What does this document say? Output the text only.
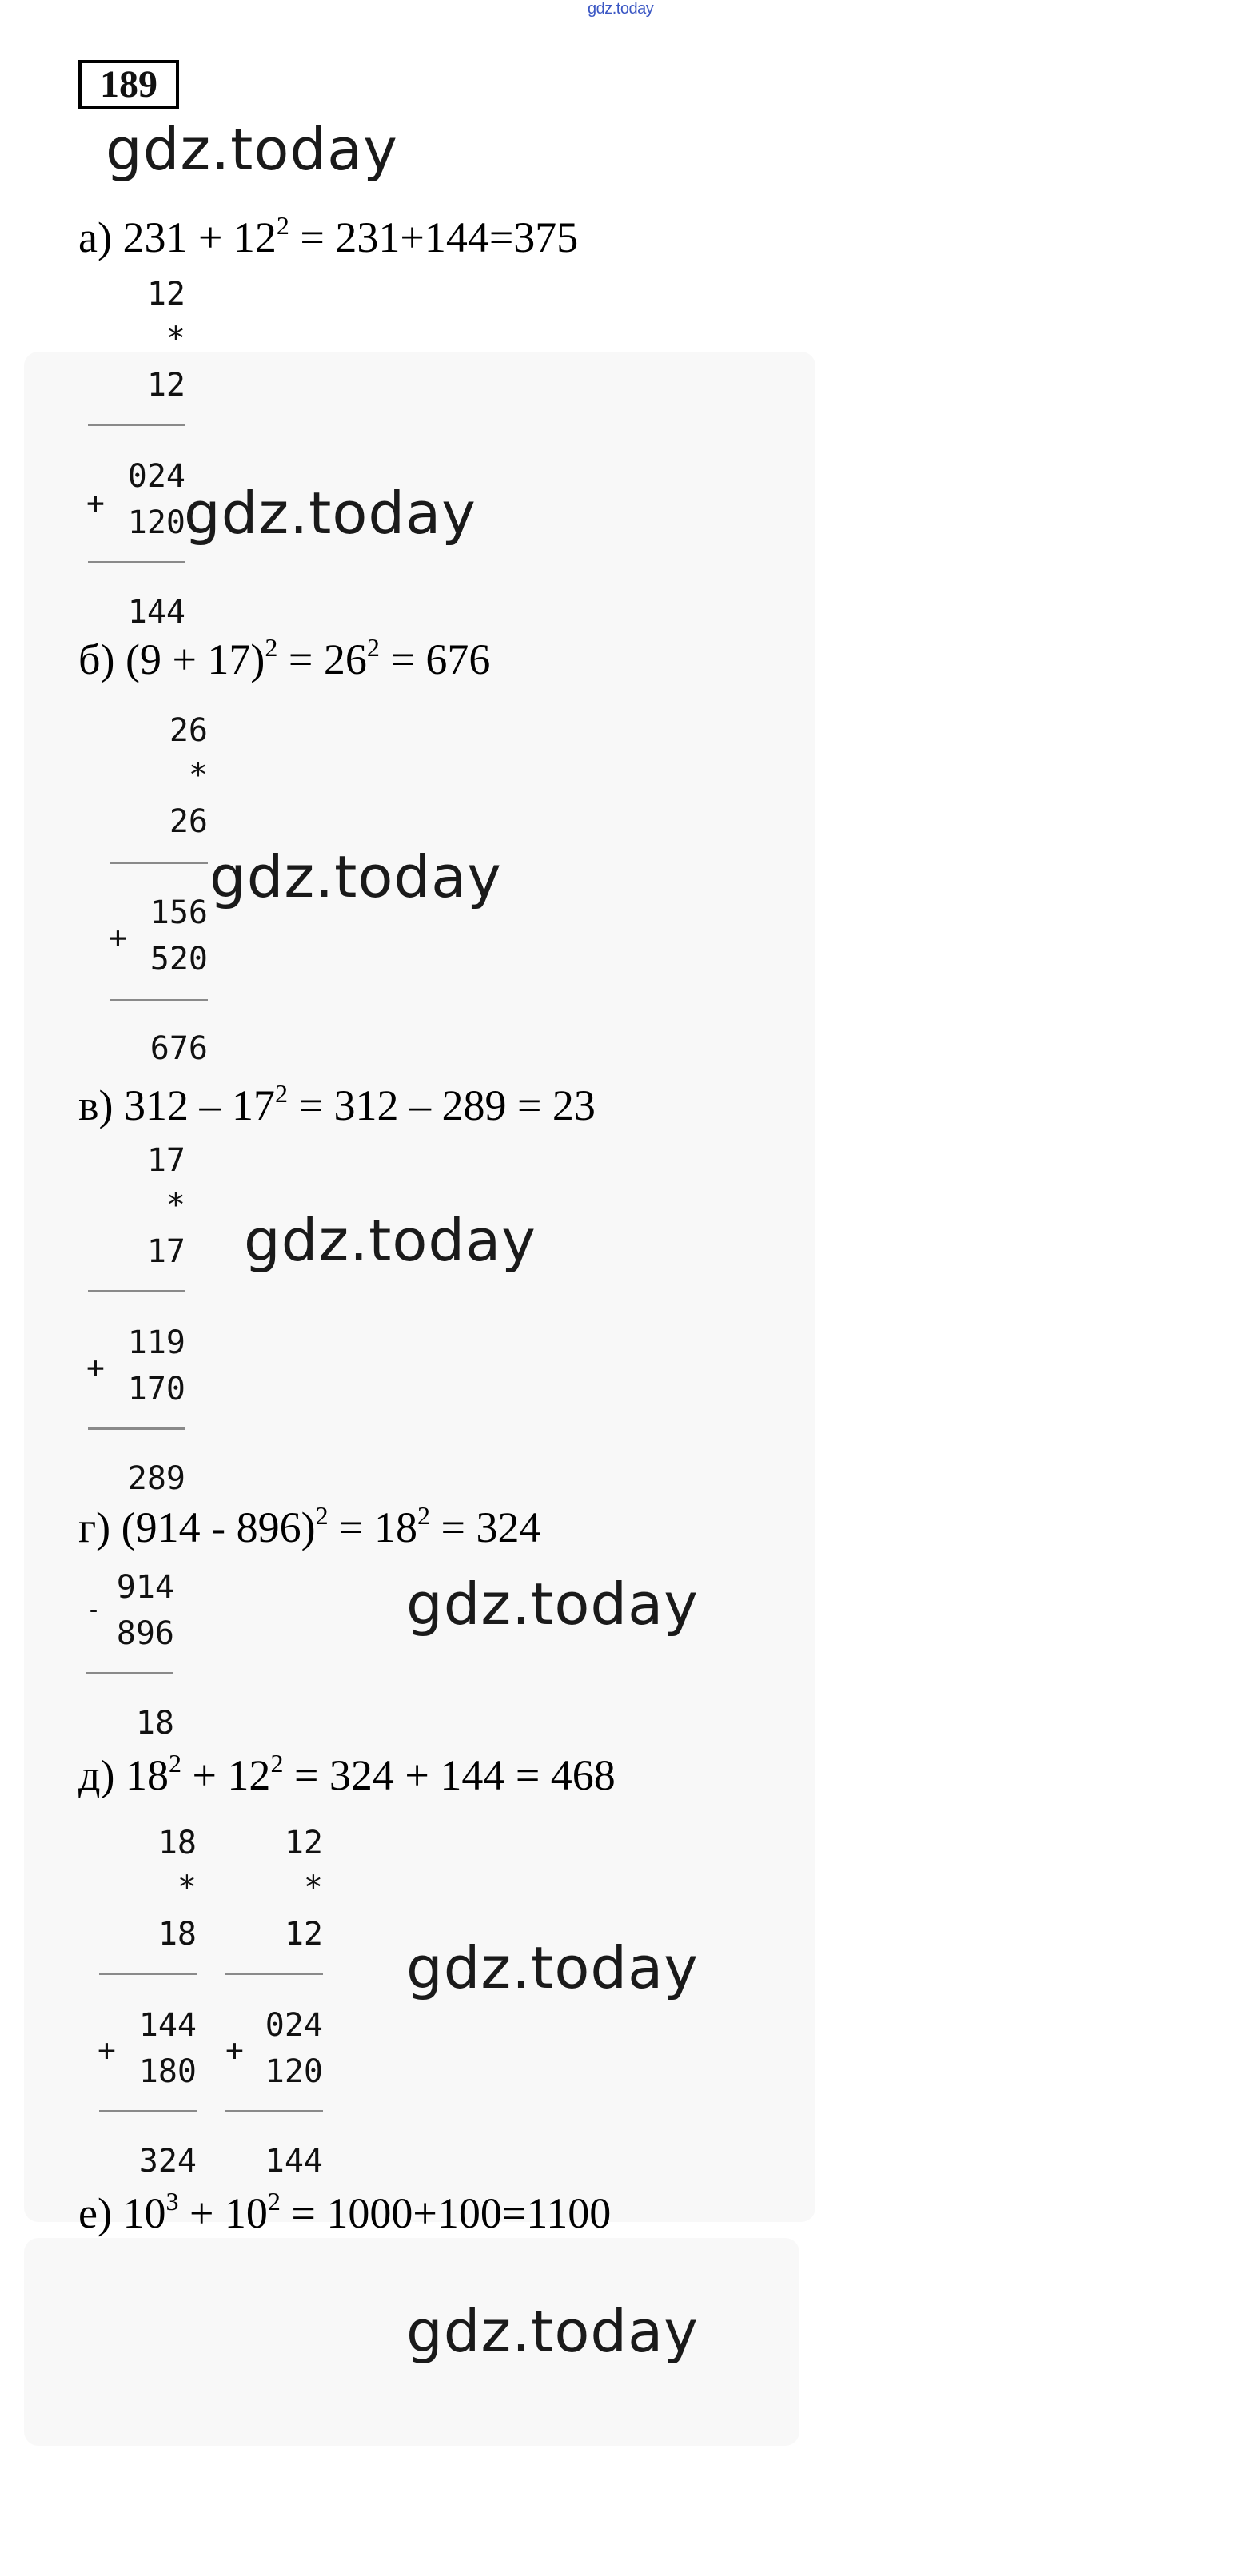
gdz.today
189
gdz.today
gdz.today
gdz.today
gdz.today
gdz.today
gdz.today
gdz.today
а) $231 + 12^2 = 231+144=375$
12
*
12
024
+
120
144
б) $(9 + 17)^2 = 26^2 = 676$
26
*
26
156
+
520
676
в) $312 - 17^2 = 312 - 289 = 23$
17
*
17
119
+
170
289
г) $(914 - 896)^2 = 18^2 = 324$
-
914
896
18
д) $18^2 + 12^2 = 324 + 144 = 468$
18
*
18
144
+
180
324
12
*
12
024
+
120
144
е) $10^3 + 10^2 = 1000+100=1100$
